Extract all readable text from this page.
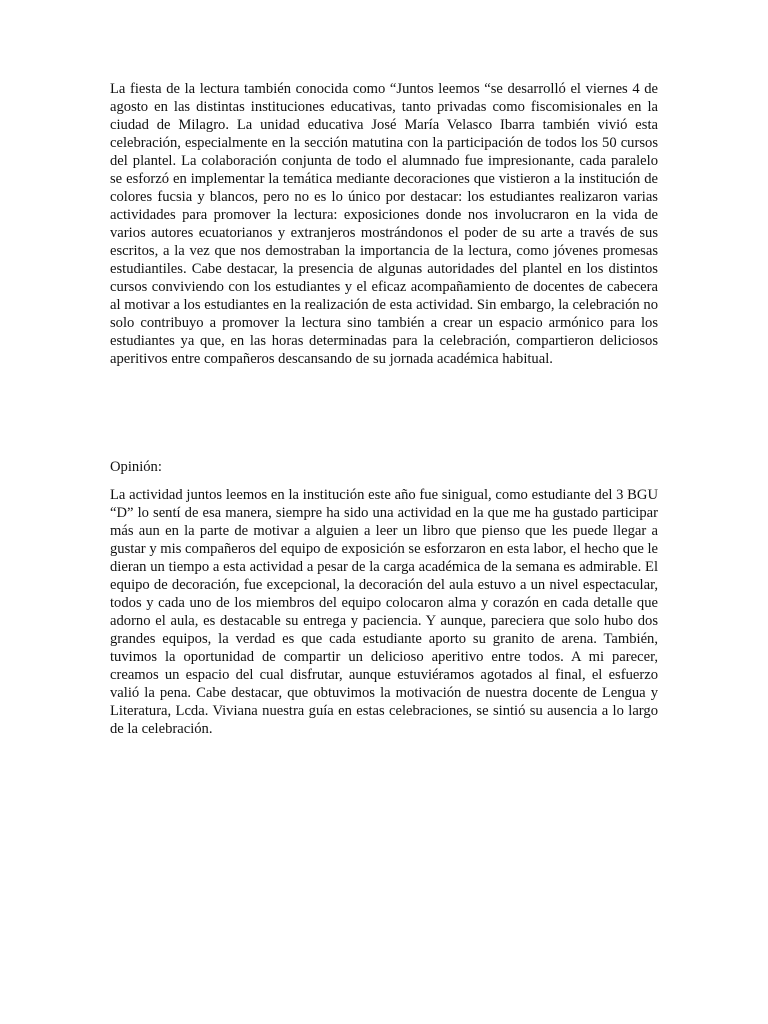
La fiesta de la lectura también conocida como “Juntos leemos “se desarrolló el viernes 4 de agosto en las distintas instituciones educativas, tanto privadas como fiscomisionales en la ciudad de Milagro. La unidad educativa José María Velasco Ibarra también vivió esta celebración, especialmente en la sección matutina con la participación de todos los 50 cursos del plantel. La colaboración conjunta de todo el alumnado fue impresionante, cada paralelo se esforzó en implementar la temática mediante decoraciones que vistieron a la institución de colores fucsia y blancos, pero no es lo único por destacar: los estudiantes realizaron varias actividades para promover la lectura: exposiciones donde nos involucraron en la vida de varios autores ecuatorianos y extranjeros mostrándonos el poder de su arte a través de sus escritos, a la vez que nos demostraban la importancia de la lectura, como jóvenes promesas estudiantiles. Cabe destacar, la presencia de algunas autoridades del plantel en los distintos cursos conviviendo con los estudiantes y el eficaz acompañamiento de docentes de cabecera al motivar a los estudiantes en la realización de esta actividad. Sin embargo, la celebración no solo contribuyo a promover la lectura sino también a crear un espacio armónico para los estudiantes ya que, en las horas determinadas para la celebración, compartieron deliciosos aperitivos entre compañeros descansando de su jornada académica habitual.

Opinión:

La actividad juntos leemos en la institución este año fue sinigual, como estudiante del 3 BGU “D” lo sentí de esa manera, siempre ha sido una actividad en la que me ha gustado participar más aun en la parte de motivar a alguien a leer un libro que pienso que les puede llegar a gustar y mis compañeros del equipo de exposición se esforzaron en esta labor, el hecho que le dieran un tiempo a esta actividad a pesar de la carga académica de la semana es admirable. El equipo de decoración, fue excepcional, la decoración del aula estuvo a un nivel espectacular, todos y cada uno de los miembros del equipo colocaron alma y corazón en cada detalle que adorno el aula, es destacable su entrega y paciencia. Y aunque, pareciera que solo hubo dos grandes equipos, la verdad es que cada estudiante aporto su granito de arena. También, tuvimos la oportunidad de compartir un delicioso aperitivo entre todos. A mi parecer, creamos un espacio del cual disfrutar, aunque estuviéramos agotados al final, el esfuerzo valió la pena. Cabe destacar, que obtuvimos la motivación de nuestra docente de Lengua y Literatura, Lcda. Viviana nuestra guía en estas celebraciones, se sintió su ausencia a lo largo de la celebración.
